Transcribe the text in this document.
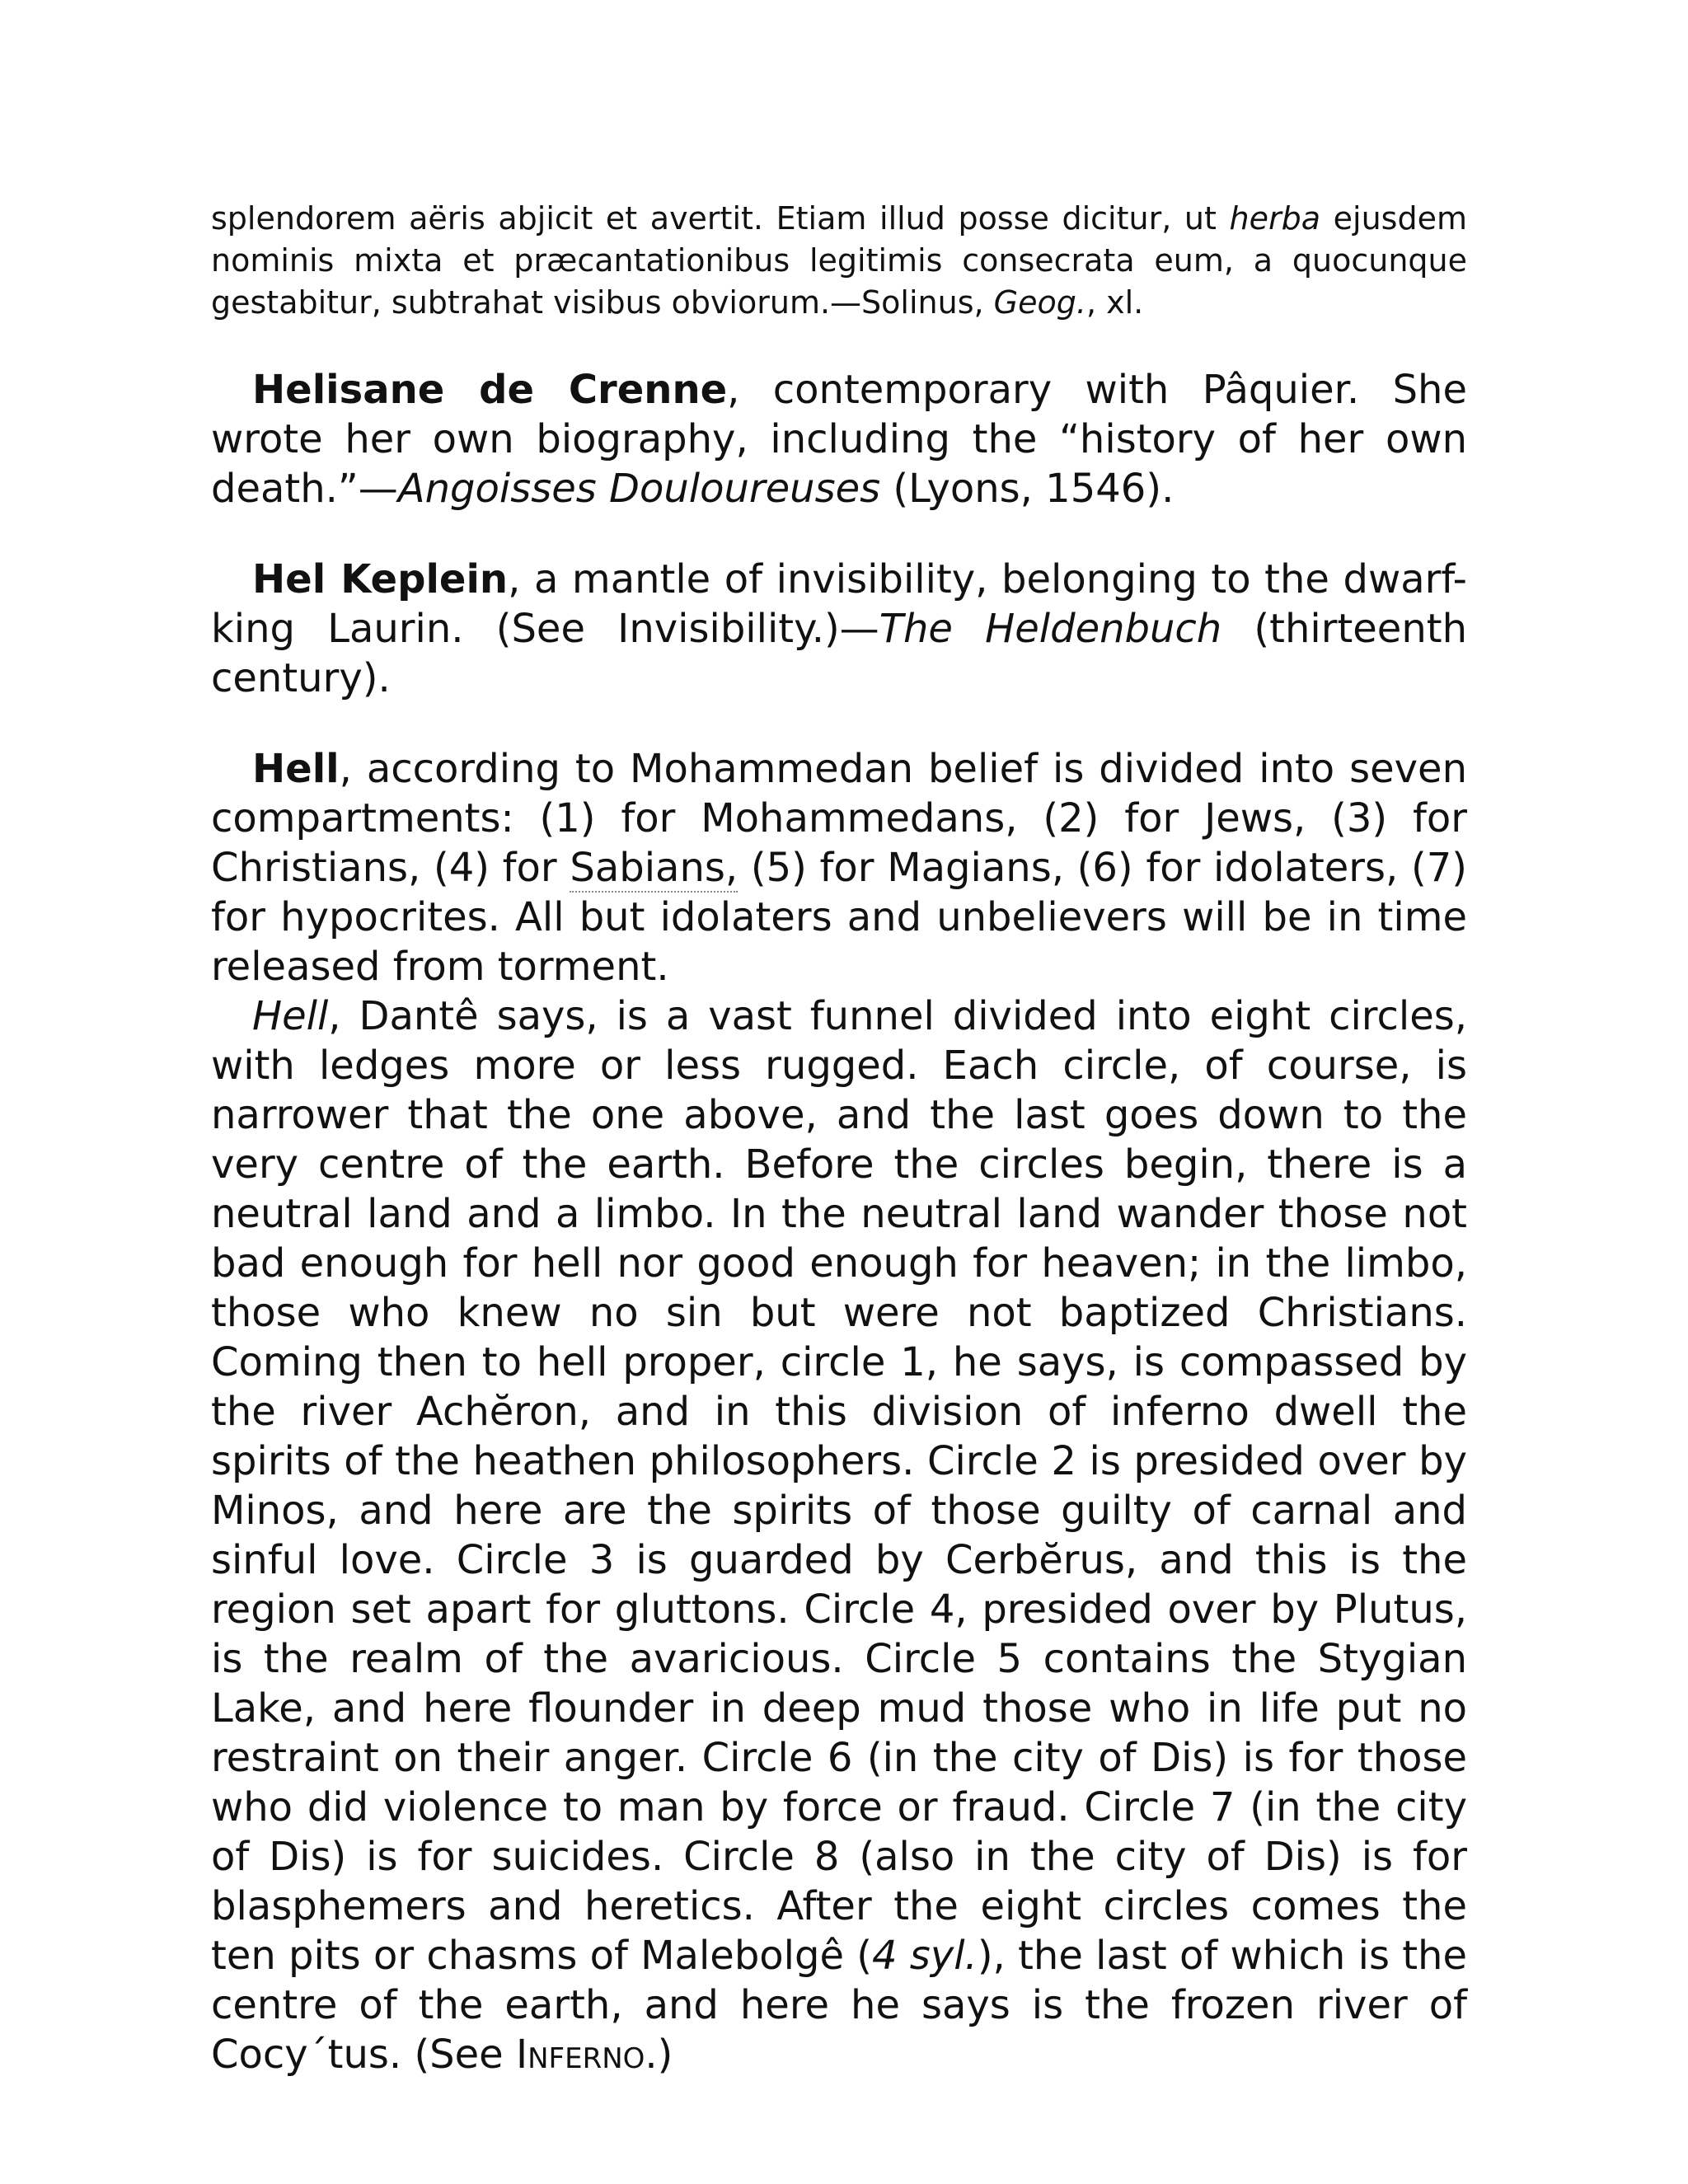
splendorem aëris abjicit et avertit. Etiam illud posse dicitur, ut herba ejusdem nominis mixta et præcantationibus legitimis consecrata eum, a quocunque gestabitur, subtrahat visibus obviorum.—Solinus, Geog., xl.

Helisane de Crenne, contemporary with Pâquier. She wrote her own biography, including the “history of her own death.”—Angoisses Douloureuses (Lyons, 1546).

Hel Keplein, a mantle of invisibility, belonging to the dwarf-king Laurin. (See Invisibility.)—The Heldenbuch (thirteenth century).

Hell, according to Mohammedan belief is divided into seven compartments: (1) for Mohammedans, (2) for Jews, (3) for Christians, (4) for Sabians, (5) for Magians, (6) for idolaters, (7) for hypocrites. All but idolaters and unbelievers will be in time released from torment.

Hell, Dantê says, is a vast funnel divided into eight circles, with ledges more or less rugged. Each circle, of course, is narrower that the one above, and the last goes down to the very centre of the earth. Before the circles begin, there is a neutral land and a limbo. In the neutral land wander those not bad enough for hell nor good enough for heaven; in the limbo, those who knew no sin but were not baptized Christians. Coming then to hell proper, circle 1, he says, is compassed by the river Achĕron, and in this division of inferno dwell the spirits of the heathen philosophers. Circle 2 is presided over by Minos, and here are the spirits of those guilty of carnal and sinful love. Circle 3 is guarded by Cerbĕrus, and this is the region set apart for gluttons. Circle 4, presided over by Plutus, is the realm of the avaricious. Circle 5 contains the Stygian Lake, and here flounder in deep mud those who in life put no restraint on their anger. Circle 6 (in the city of Dis) is for those who did violence to man by force or fraud. Circle 7 (in the city of Dis) is for suicides. Circle 8 (also in the city of Dis) is for blasphemers and heretics. After the eight circles comes the ten pits or chasms of Malebolgê (4 syl.), the last of which is the centre of the earth, and here he says is the frozen river of Cocy´tus. (See Inferno.)
